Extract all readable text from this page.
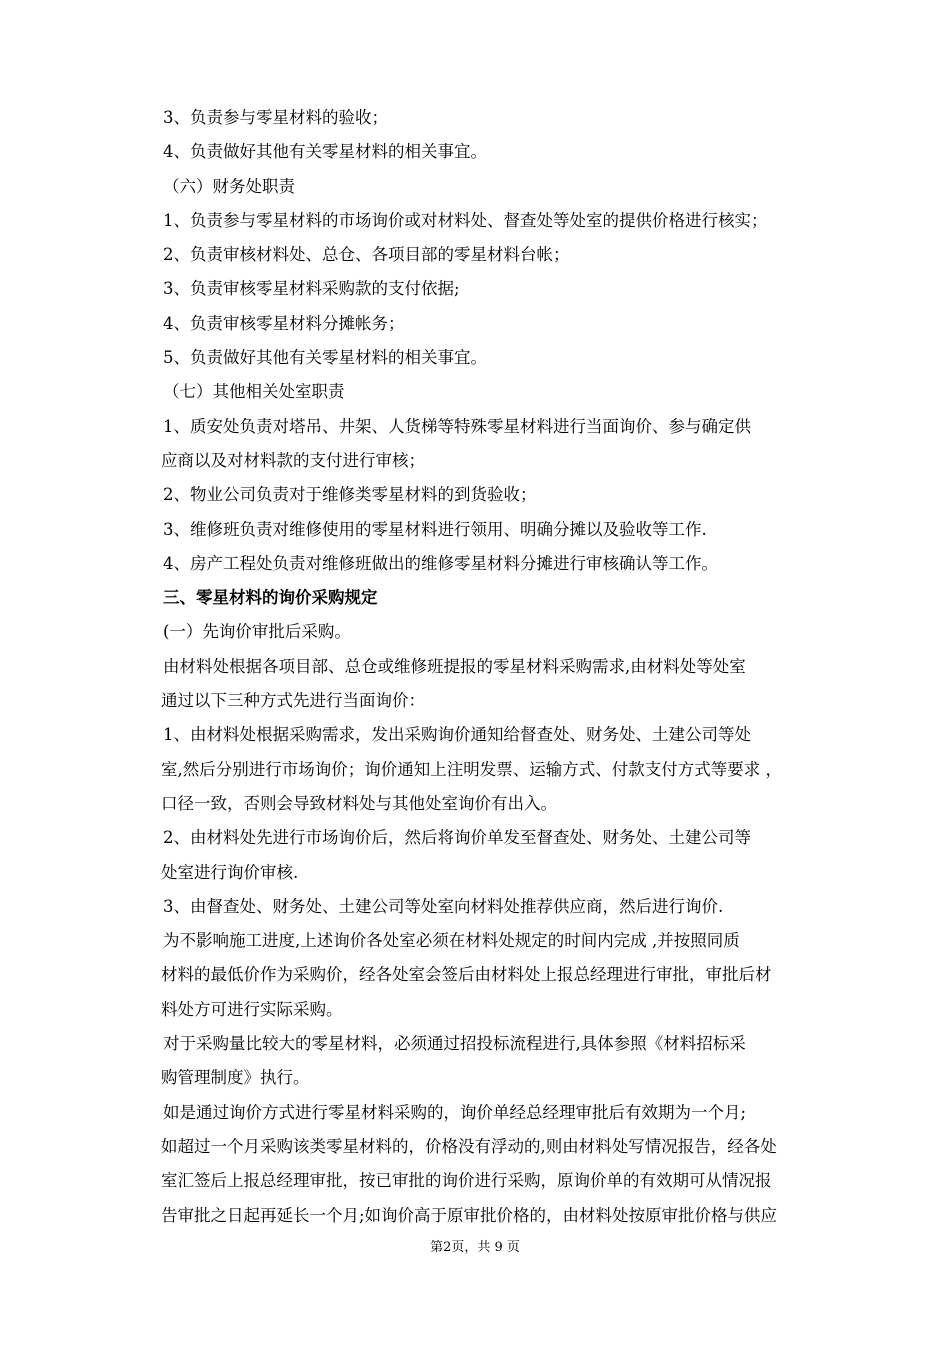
3、负责参与零星材料的验收；
4、负责做好其他有关零星材料的相关事宜。
（六）财务处职责
1、负责参与零星材料的市场询价或对材料处、督查处等处室的提供价格进行核实；
2、负责审核材料处、总仓、各项目部的零星材料台帐；
3、负责审核零星材料采购款的支付依据;
4、负责审核零星材料分摊帐务；
5、负责做好其他有关零星材料的相关事宜。
（七）其他相关处室职责
1、质安处负责对塔吊、井架、人货梯等特殊零星材料进行当面询价、参与确定供
应商以及对材料款的支付进行审核；
2、物业公司负责对于维修类零星材料的到货验收；
3、维修班负责对维修使用的零星材料进行领用、明确分摊以及验收等工作.
4、房产工程处负责对维修班做出的维修零星材料分摊进行审核确认等工作。
三、零星材料的询价采购规定
(一）先询价审批后采购。
由材料处根据各项目部、总仓或维修班提报的零星材料采购需求,由材料处等处室
通过以下三种方式先进行当面询价：
1、由材料处根据采购需求，发出采购询价通知给督查处、财务处、土建公司等处
室,然后分别进行市场询价；询价通知上注明发票、运输方式、付款支付方式等要求 ，
口径一致，否则会导致材料处与其他处室询价有出入。
2、由材料处先进行市场询价后，然后将询价单发至督查处、财务处、土建公司等
处室进行询价审核.
3、由督查处、财务处、土建公司等处室向材料处推荐供应商，然后进行询价.
为不影响施工进度,上述询价各处室必须在材料处规定的时间内完成 ,并按照同质
材料的最低价作为采购价，经各处室会签后由材料处上报总经理进行审批，审批后材
料处方可进行实际采购。
对于采购量比较大的零星材料，必须通过招投标流程进行,具体参照《材料招标采
购管理制度》执行。
如是通过询价方式进行零星材料采购的，询价单经总经理审批后有效期为一个月;
如超过一个月采购该类零星材料的，价格没有浮动的,则由材料处写情况报告，经各处
室汇签后上报总经理审批，按已审批的询价进行采购，原询价单的有效期可从情况报
告审批之日起再延长一个月;如询价高于原审批价格的，由材料处按原审批价格与供应
第2页，共 9 页
